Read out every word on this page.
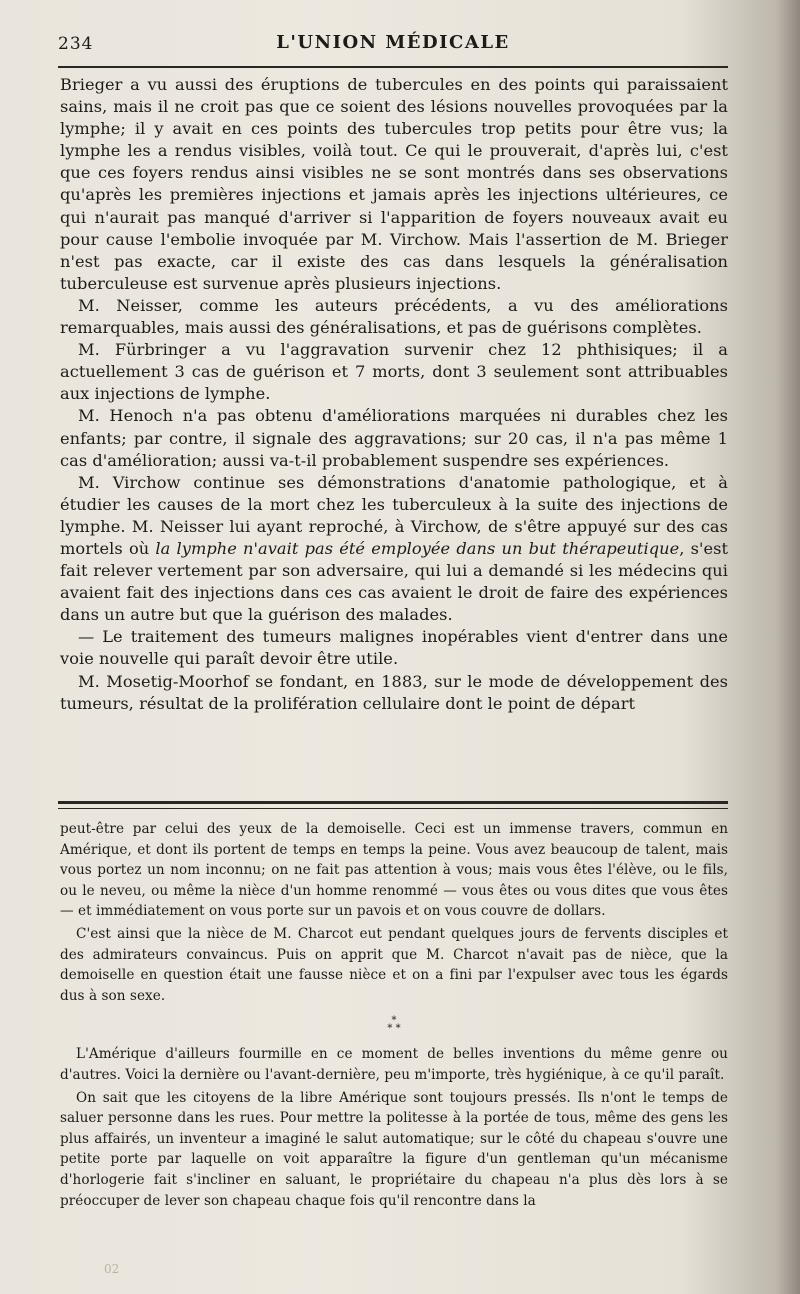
234	L'UNION MÉDICALE

Brieger a vu aussi des éruptions de tubercules en des points qui paraissaient sains, mais il ne croit pas que ce soient des lésions nouvelles provoquées par la lymphe; il y avait en ces points des tubercules trop petits pour être vus; la lymphe les a rendus visibles, voilà tout. Ce qui le prouverait, d'après lui, c'est que ces foyers rendus ainsi visibles ne se sont montrés dans ses observations qu'après les premières injections et jamais après les injections ultérieures, ce qui n'aurait pas manqué d'arriver si l'apparition de foyers nouveaux avait eu pour cause l'embolie invoquée par M. Virchow. Mais l'assertion de M. Brieger n'est pas exacte, car il existe des cas dans lesquels la généralisation tuberculeuse est survenue après plusieurs injections.

M. Neisser, comme les auteurs précédents, a vu des améliorations remarquables, mais aussi des généralisations, et pas de guérisons complètes.

M. Fürbringer a vu l'aggravation survenir chez 12 phthisiques; il a actuellement 3 cas de guérison et 7 morts, dont 3 seulement sont attribuables aux injections de lymphe.

M. Henoch n'a pas obtenu d'améliorations marquées ni durables chez les enfants; par contre, il signale des aggravations; sur 20 cas, il n'a pas même 1 cas d'amélioration; aussi va-t-il probablement suspendre ses expériences.

M. Virchow continue ses démonstrations d'anatomie pathologique, et à étudier les causes de la mort chez les tuberculeux à la suite des injections de lymphe. M. Neisser lui ayant reproché, à Virchow, de s'être appuyé sur des cas mortels où la lymphe n'avait pas été employée dans un but thérapeutique, s'est fait relever vertement par son adversaire, qui lui a demandé si les médecins qui avaient fait des injections dans ces cas avaient le droit de faire des expériences dans un autre but que la guérison des malades.

— Le traitement des tumeurs malignes inopérables vient d'entrer dans une voie nouvelle qui paraît devoir être utile.

M. Mosetig-Moorhof se fondant, en 1883, sur le mode de développement des tumeurs, résultat de la prolifération cellulaire dont le point de départ

peut-être par celui des yeux de la demoiselle. Ceci est un immense travers, commun en Amérique, et dont ils portent de temps en temps la peine. Vous avez beaucoup de talent, mais vous portez un nom inconnu; on ne fait pas attention à vous; mais vous êtes l'élève, ou le fils, ou le neveu, ou même la nièce d'un homme renommé — vous êtes ou vous dites que vous êtes — et immédiatement on vous porte sur un pavois et on vous couvre de dollars.

C'est ainsi que la nièce de M. Charcot eut pendant quelques jours de fervents disciples et des admirateurs convaincus. Puis on apprit que M. Charcot n'avait pas de nièce, que la demoiselle en question était une fausse nièce et on a fini par l'expulser avec tous les égards dus à son sexe.

*
* *

L'Amérique d'ailleurs fourmille en ce moment de belles inventions du même genre ou d'autres. Voici la dernière ou l'avant-dernière, peu m'importe, très hygiénique, à ce qu'il paraît.

On sait que les citoyens de la libre Amérique sont toujours pressés. Ils n'ont le temps de saluer personne dans les rues. Pour mettre la politesse à la portée de tous, même des gens les plus affairés, un inventeur a imaginé le salut automatique; sur le côté du chapeau s'ouvre une petite porte par laquelle on voit apparaître la figure d'un gentleman qu'un mécanisme d'horlogerie fait s'incliner en saluant, le propriétaire du chapeau n'a plus dès lors à se préoccuper de lever son chapeau chaque fois qu'il rencontre dans la

02
